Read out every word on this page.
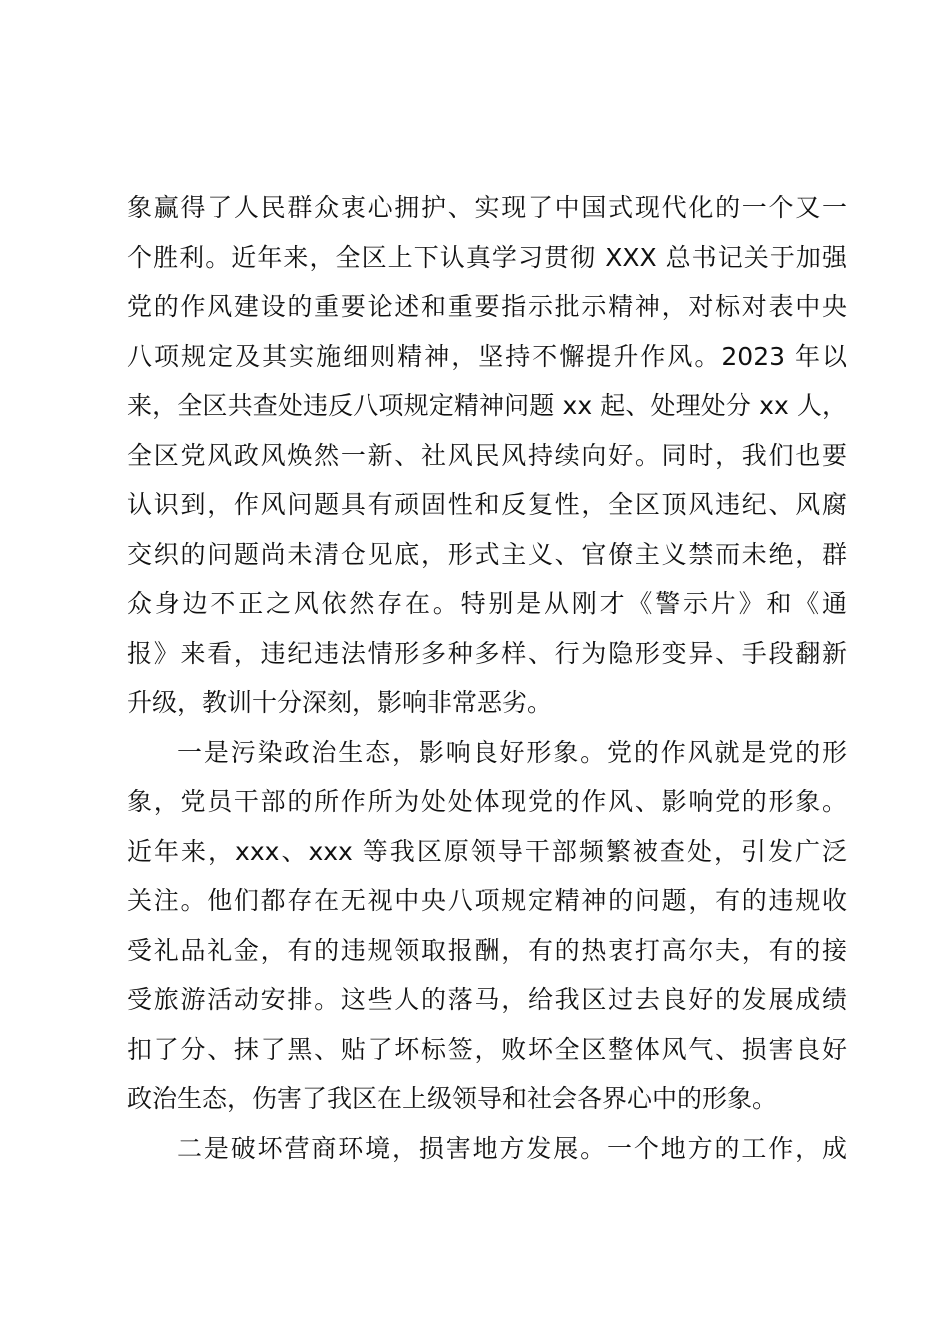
象赢得了人民群众衷心拥护、实现了中国式现代化的一个又一

个胜利。近年来，全区上下认真学习贯彻 XXX 总书记关于加强

党的作风建设的重要论述和重要指示批示精神，对标对表中央

八项规定及其实施细则精神，坚持不懈提升作风。2023 年以

来，全区共查处违反八项规定精神问题 xx 起、处理处分 xx 人，

全区党风政风焕然一新、社风民风持续向好。同时，我们也要

认识到，作风问题具有顽固性和反复性，全区顶风违纪、风腐

交织的问题尚未清仓见底，形式主义、官僚主义禁而未绝，群

众身边不正之风依然存在。特别是从刚才《警示片》和《通

报》来看，违纪违法情形多种多样、行为隐形变异、手段翻新

升级，教训十分深刻，影响非常恶劣。

一是污染政治生态，影响良好形象。党的作风就是党的形

象，党员干部的所作所为处处体现党的作风、影响党的形象。

近年来，xxx、xxx 等我区原领导干部频繁被查处，引发广泛

关注。他们都存在无视中央八项规定精神的问题，有的违规收

受礼品礼金，有的违规领取报酬，有的热衷打高尔夫，有的接

受旅游活动安排。这些人的落马，给我区过去良好的发展成绩

扣了分、抹了黑、贴了坏标签，败坏全区整体风气、损害良好

政治生态，伤害了我区在上级领导和社会各界心中的形象。

二是破坏营商环境，损害地方发展。一个地方的工作，成
